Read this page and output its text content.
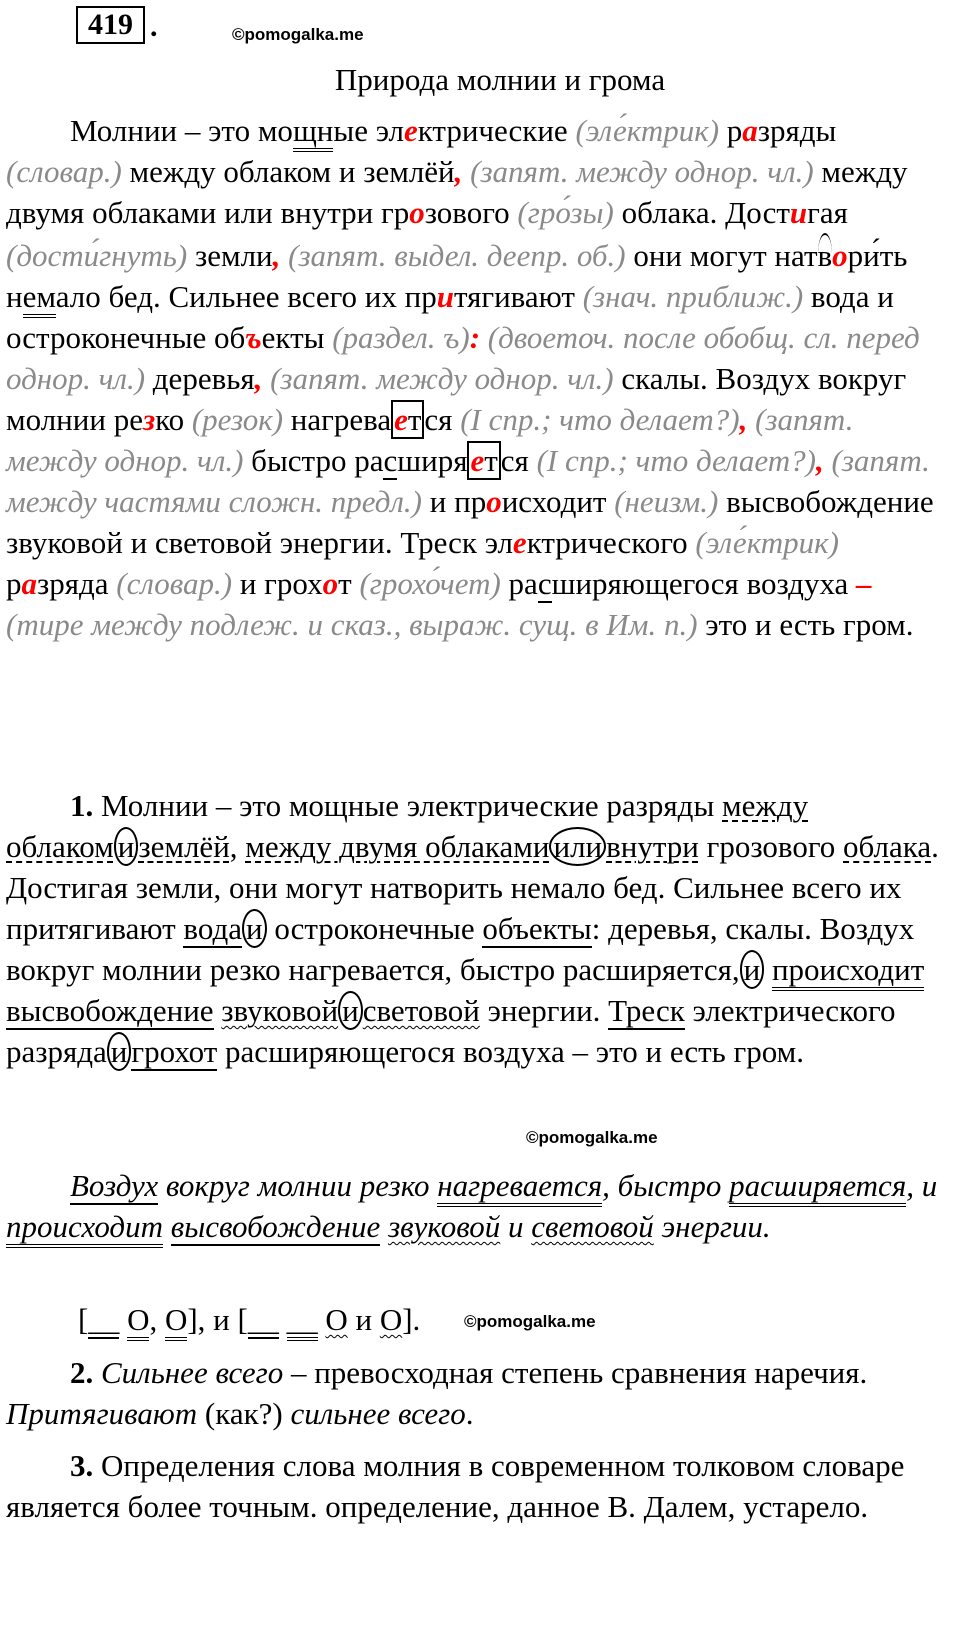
419 .	©pomogalka.me
Природа молнии и грома
Молнии – это мощные электрические (эле́ктрик) разряды (словар.) между облаком и землёй, (запят. между однор. чл.) между двумя облаками или внутри грозового (гро́зы) облака. Достигая (дости́гнуть) земли, (запят. выдел. деепр. об.) они могут натвори́ть немало бед. Сильнее всего их притягивают (знач. приближ.) вода и остроконечные объекты (раздел. ъ): (двоеточ. после обобщ. сл. перед однор. чл.) деревья, (запят. между однор. чл.) скалы. Воздух вокруг молнии резко (резок) нагревается (I спр.; что делает?), (запят. между однор. чл.) быстро расширяется (I спр.; что делает?), (запят. между частями сложн. предл.) и происходит (неизм.) высвобождение звуковой и световой энергии. Треск электрического (эле́ктрик) разряда (словар.) и грохот (грохо́чет) расширяющегося воздуха – (тире между подлеж. и сказ., выраж. сущ. в Им. п.) это и есть гром.
1. Молнии – это мощные электрические разряды между облаком и землёй, между двумя облаками или внутри грозового облака. Достигая земли, они могут натворить немало бед. Сильнее всего их притягивают вода и остроконечные объекты: деревья, скалы. Воздух вокруг молнии резко нагревается, быстро расширяется, и происходит высвобождение звуковой и световой энергии. Треск электрического разряда и грохот расширяющегося воздуха – это и есть гром.
©pomogalka.me
Воздух вокруг молнии резко нагревается, быстро расширяется, и происходит высвобождение звуковой и световой энергии.
[__ О, О], и [__ __ О и О].	©pomogalka.me
2. Сильнее всего – превосходная степень сравнения наречия. Притягивают (как?) сильнее всего.
3. Определения слова молния в современном толковом словаре является более точным. определение, данное В. Далем, устарело.
